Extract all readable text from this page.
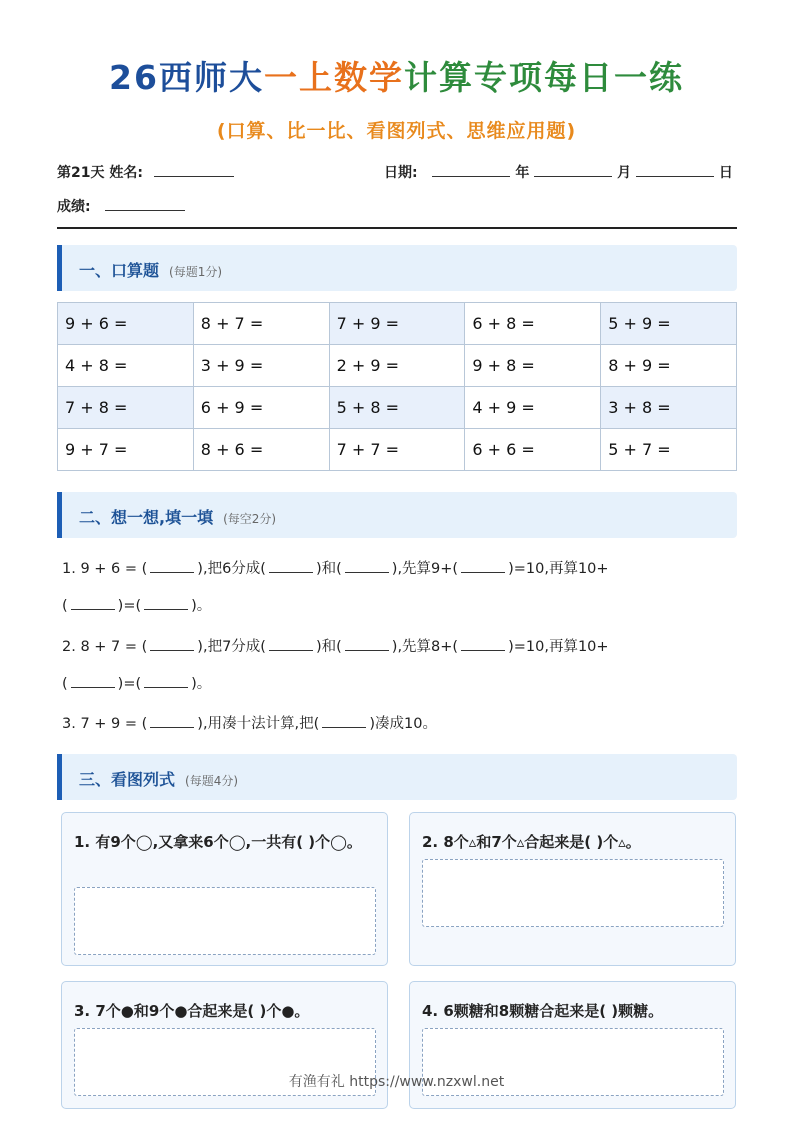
26西师大一上数学计算专项每日一练
(口算、比一比、看图列式、思维应用题)
第21天 姓名:	日期:	年	月	日
成绩:
一、口算题 (每题1分)
9 + 6 =	8 + 7 =	7 + 9 =	6 + 8 =	5 + 9 =
4 + 8 =	3 + 9 =	2 + 9 =	9 + 8 =	8 + 9 =
7 + 8 =	6 + 9 =	5 + 8 =	4 + 9 =	3 + 8 =
9 + 7 =	8 + 6 =	7 + 7 =	6 + 6 =	5 + 7 =
二、想一想,填一填 (每空2分)
1. 9 + 6 = (	),把6分成(	)和(	),先算9+(	)=10,再算10+
(	)=(	)。
2. 8 + 7 = (	),把7分成(	)和(	),先算8+(	)=10,再算10+
(	)=(	)。
3. 7 + 9 = (	),用凑十法计算,把(	)凑成10。
三、看图列式 (每题4分)
1. 有9个◯,又拿来6个◯,一共有( )个◯。	2. 8个▵和7个▵合起来是( )个▵。
3. 7个●和9个●合起来是( )个●。	4. 6颗糖和8颗糖合起来是( )颗糖。
有渔有礼 https://www.nzxwl.net
